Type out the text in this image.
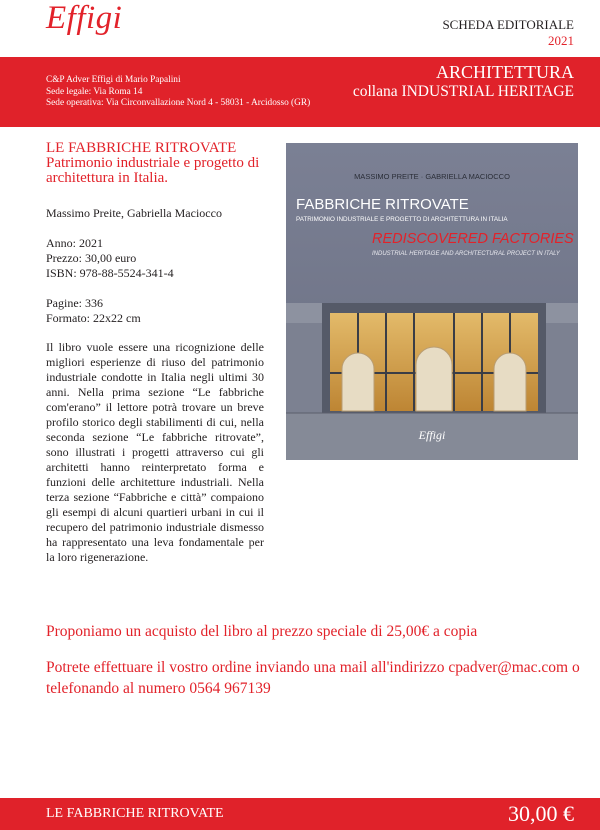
Effigi	SCHEDA EDITORIALE
2021
C&P Adver Effigi di Mario Papalini
Sede legale: Via Roma 14
Sede operativa: Via Circonvallazione Nord 4 - 58031 - Arcidosso (GR)
ARCHITETTURA
collana INDUSTRIAL HERITAGE
LE FABBRICHE RITROVATE
Patrimonio industriale e progetto di architettura in Italia.
Massimo Preite, Gabriella Maciocco
Anno: 2021
Prezzo: 30,00 euro
ISBN: 978-88-5524-341-4
Pagine: 336
Formato: 22x22 cm
Il libro vuole essere una ricognizione delle migliori esperienze di riuso del patrimonio industriale condotte in Italia negli ultimi 30 anni. Nella prima sezione “Le fabbriche com'erano” il lettore potrà trovare un breve profilo storico degli stabilimenti di cui, nella seconda sezione “Le fabbriche ritrovate”, sono illustrati i progetti attraverso cui gli architetti hanno reinterpretato forma e funzioni delle architetture industriali. Nella terza sezione “Fabbriche e città” compaiono gli esempi di alcuni quartieri urbani in cui il recupero del patrimonio industriale dismesso ha rappresentato una leva fondamentale per la loro rigenerazione.
MASSIMO PREITE · GABRIELLA MACIOCCO
FABBRICHE RITROVATE
PATRIMONIO INDUSTRIALE E PROGETTO DI ARCHITETTURA IN ITALIA
REDISCOVERED FACTORIES
INDUSTRIAL HERITAGE AND ARCHITECTURAL PROJECT IN ITALY
Effigi
Proponiamo un acquisto del libro al prezzo speciale di 25,00€ a copia
Potrete effettuare il vostro ordine inviando una mail all'indirizzo cpadver@mac.com o telefonando al numero 0564 967139
LE FABBRICHE RITROVATE	30,00 €
